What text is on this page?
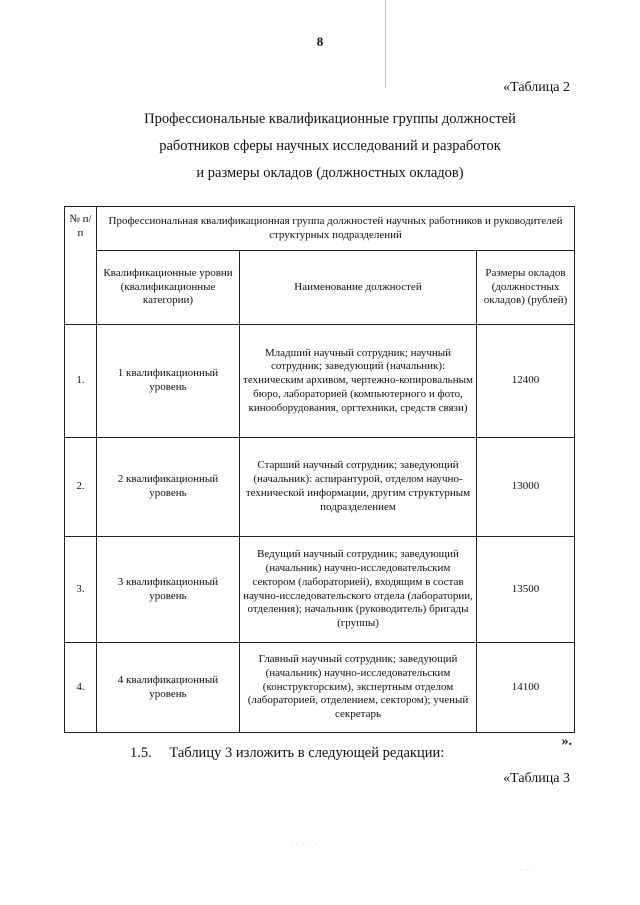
8
«Таблица 2
Профессиональные квалификационные группы должностей
работников сферы научных исследований и разработок
и размеры окладов (должностных окладов)
№ п/п	Профессиональная квалификационная группа должностей научных работников и руководителей структурных подразделений		
	Квалификационные уровни (квалификационные категории)	Наименование должностей	Размеры окладов (должностных окладов) (рублей)
1.	1 квалификационный уровень	Младший научный сотрудник; научный сотрудник; заведующий (начальник): техническим архивом, чертежно-копировальным бюро, лабораторией (компьютерного и фото, кинооборудования, оргтехники, средств связи)	12400
2.	2 квалификационный уровень	Старший научный сотрудник; заведующий (начальник): аспирантурой, отделом научно-технической информации, другим структурным подразделением	13000
3.	3 квалификационный уровень	Ведущий научный сотрудник; заведующий (начальник) научно-исследовательским сектором (лабораторией), входящим в состав научно-исследовательского отдела (лаборатории, отделения); начальник (руководитель) бригады (группы)	13500
4.	4 квалификационный уровень	Главный научный сотрудник; заведующий (начальник) научно-исследовательским (конструкторским), экспертным отделом (лабораторией, отделением, сектором); ученый секретарь	14100
».
1.5. Таблицу 3 изложить в следующей редакции:
«Таблица 3
· · · · ·
· · ·
